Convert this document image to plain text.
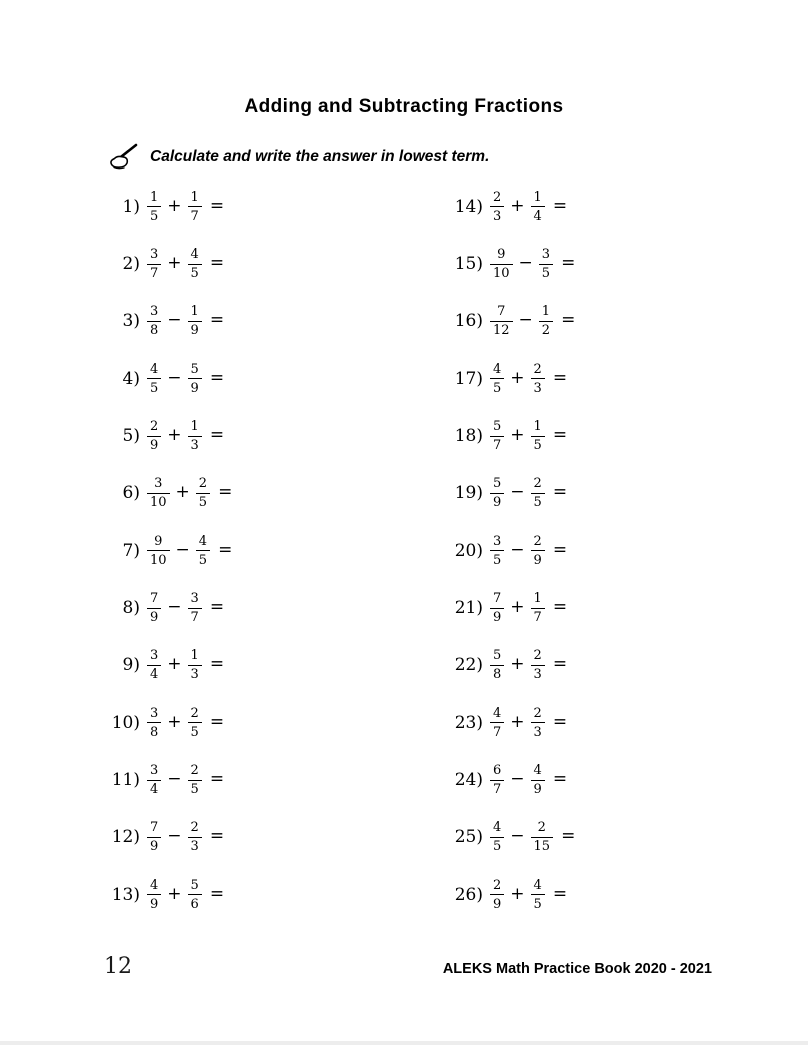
Adding and Subtracting Fractions
Calculate and write the answer in lowest term.
$1) \frac{1}{5} + \frac{1}{7}$ =
$2) \frac{3}{7} + \frac{4}{5}$ =
$3) \frac{3}{8} - \frac{1}{9}$ =
$4) \frac{4}{5} - \frac{5}{9}$ =
$5) \frac{2}{9} + \frac{1}{3}$ =
$6) \frac{3}{10} + \frac{2}{5}$ =
$7) \frac{9}{10} - \frac{4}{5}$ =
$8) \frac{7}{9} - \frac{3}{7}$ =
$9) \frac{3}{4} + \frac{1}{3}$ =
$10) \frac{3}{8} + \frac{2}{5}$ =
$11) \frac{3}{4} - \frac{2}{5}$ =
$12) \frac{7}{9} - \frac{2}{3}$ =
$13) \frac{4}{9} + \frac{5}{6}$ =
$14) \frac{2}{3} + \frac{1}{4}$ =
$15) \frac{9}{10} - \frac{3}{5}$ =
$16) \frac{7}{12} - \frac{1}{2}$ =
$17) \frac{4}{5} + \frac{2}{3}$ =
$18) \frac{5}{7} + \frac{1}{5}$ =
$19) \frac{5}{9} - \frac{2}{5}$ =
$20) \frac{3}{5} - \frac{2}{9}$ =
$21) \frac{7}{9} + \frac{1}{7}$ =
$22) \frac{5}{8} + \frac{2}{3}$ =
$23) \frac{4}{7} + \frac{2}{3}$ =
$24) \frac{6}{7} - \frac{4}{9}$ =
$25) \frac{4}{5} - \frac{2}{15}$ =
$26) \frac{2}{9} + \frac{4}{5}$ =
12	ALEKS Math Practice Book 2020 - 2021
